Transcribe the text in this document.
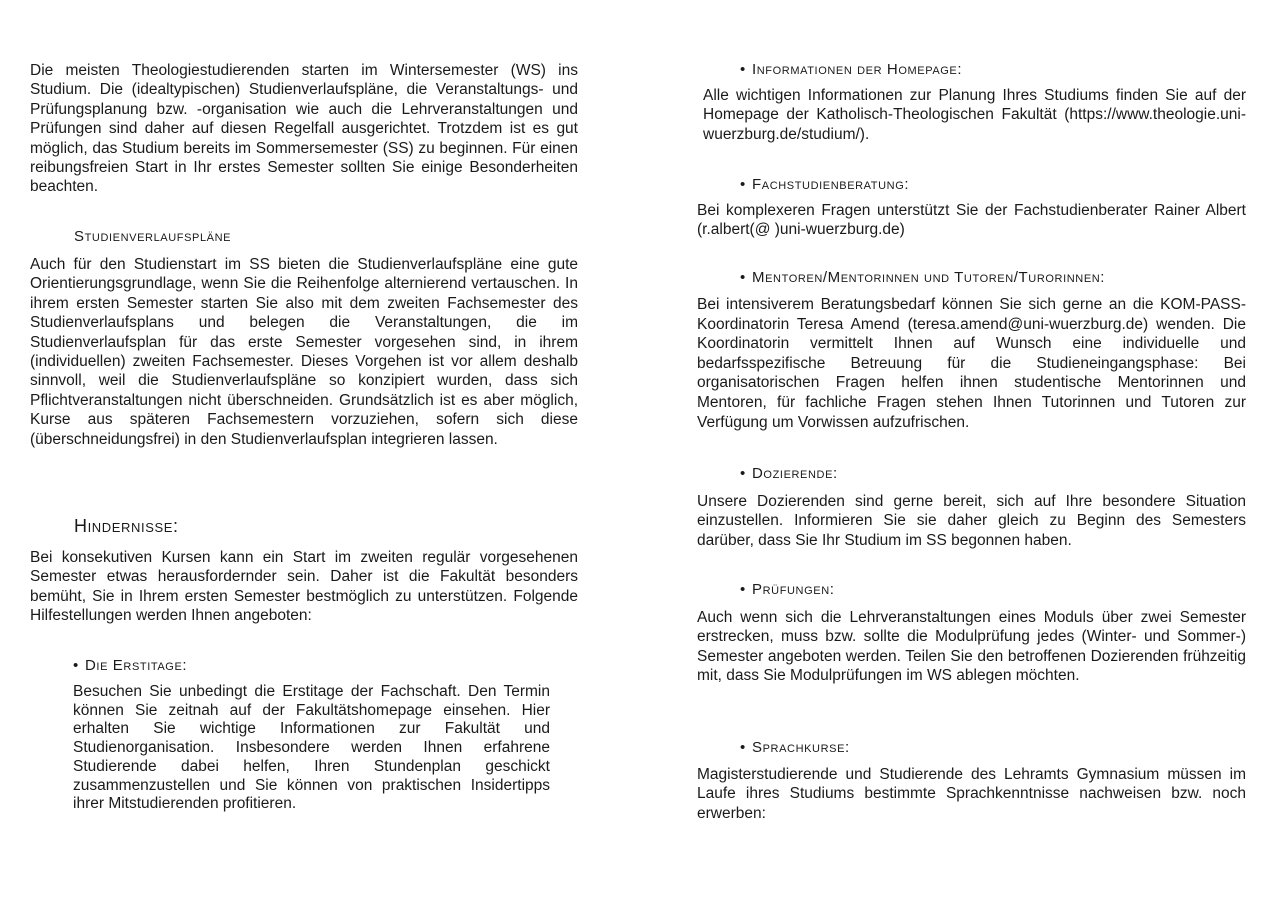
Die meisten Theologiestudierenden starten im Wintersemester (WS) ins Studium. Die (idealtypischen) Studienverlaufspläne, die Veranstaltungs- und Prüfungsplanung bzw. -organisation wie auch die Lehrveranstaltungen und Prüfungen sind daher auf diesen Regelfall ausgerichtet. Trotzdem ist es gut möglich, das Studium bereits im Sommersemester (SS) zu beginnen. Für einen reibungsfreien Start in Ihr erstes Semester sollten Sie einige Besonderheiten beachten.

Studienverlaufspläne

Auch für den Studienstart im SS bieten die Studienverlaufspläne eine gute Orientierungsgrundlage, wenn Sie die Reihenfolge alternierend vertauschen. In ihrem ersten Semester starten Sie also mit dem zweiten Fachsemester des Studienverlaufsplans und belegen die Veranstaltungen, die im Studienverlaufsplan für das erste Semester vorgesehen sind, in ihrem (individuellen) zweiten Fachsemester. Dieses Vorgehen ist vor allem deshalb sinnvoll, weil die Studienverlaufspläne so konzipiert wurden, dass sich Pflichtveranstaltungen nicht überschneiden. Grundsätzlich ist es aber möglich, Kurse aus späteren Fachsemestern vorzuziehen, sofern sich diese (überschneidungsfrei) in den Studienverlaufsplan integrieren lassen.

Hindernisse:

Bei konsekutiven Kursen kann ein Start im zweiten regulär vorgesehenen Semester etwas herausfordernder sein. Daher ist die Fakultät besonders bemüht, Sie in Ihrem ersten Semester bestmöglich zu unterstützen. Folgende Hilfestellungen werden Ihnen angeboten:

• Die Erstitage:

Besuchen Sie unbedingt die Erstitage der Fachschaft. Den Termin können Sie zeitnah auf der Fakultätshomepage einsehen. Hier erhalten Sie wichtige Informationen zur Fakultät und Studienorganisation. Insbesondere werden Ihnen erfahrene Studierende dabei helfen, Ihren Stundenplan geschickt zusammenzustellen und Sie können von praktischen Insidertipps ihrer Mitstudierenden profitieren.

• Informationen der Homepage:

Alle wichtigen Informationen zur Planung Ihres Studiums finden Sie auf der Homepage der Katholisch-Theologischen Fakultät (https://www.theologie.uni-wuerzburg.de/studium/).

• Fachstudienberatung:

Bei komplexeren Fragen unterstützt Sie der Fachstudienberater Rainer Albert (r.albert(@ )uni-wuerzburg.de)

• Mentoren/Mentorinnen und Tutoren/Turorinnen:

Bei intensiverem Beratungsbedarf können Sie sich gerne an die KOM-PASS-Koordinatorin Teresa Amend (teresa.amend@uni-wuerzburg.de) wenden. Die Koordinatorin vermittelt Ihnen auf Wunsch eine individuelle und bedarfsspezifische Betreuung für die Studieneingangsphase: Bei organisatorischen Fragen helfen ihnen studentische Mentorinnen und Mentoren, für fachliche Fragen stehen Ihnen Tutorinnen und Tutoren zur Verfügung um Vorwissen aufzufrischen.

• Dozierende:

Unsere Dozierenden sind gerne bereit, sich auf Ihre besondere Situation einzustellen. Informieren Sie sie daher gleich zu Beginn des Semesters darüber, dass Sie Ihr Studium im SS begonnen haben.

• Prüfungen:

Auch wenn sich die Lehrveranstaltungen eines Moduls über zwei Semester erstrecken, muss bzw. sollte die Modulprüfung jedes (Winter- und Sommer-) Semester angeboten werden. Teilen Sie den betroffenen Dozierenden frühzeitig mit, dass Sie Modulprüfungen im WS ablegen möchten.

• Sprachkurse:

Magisterstudierende und Studierende des Lehramts Gymnasium müssen im Laufe ihres Studiums bestimmte Sprachkenntnisse nachweisen bzw. noch erwerben:
